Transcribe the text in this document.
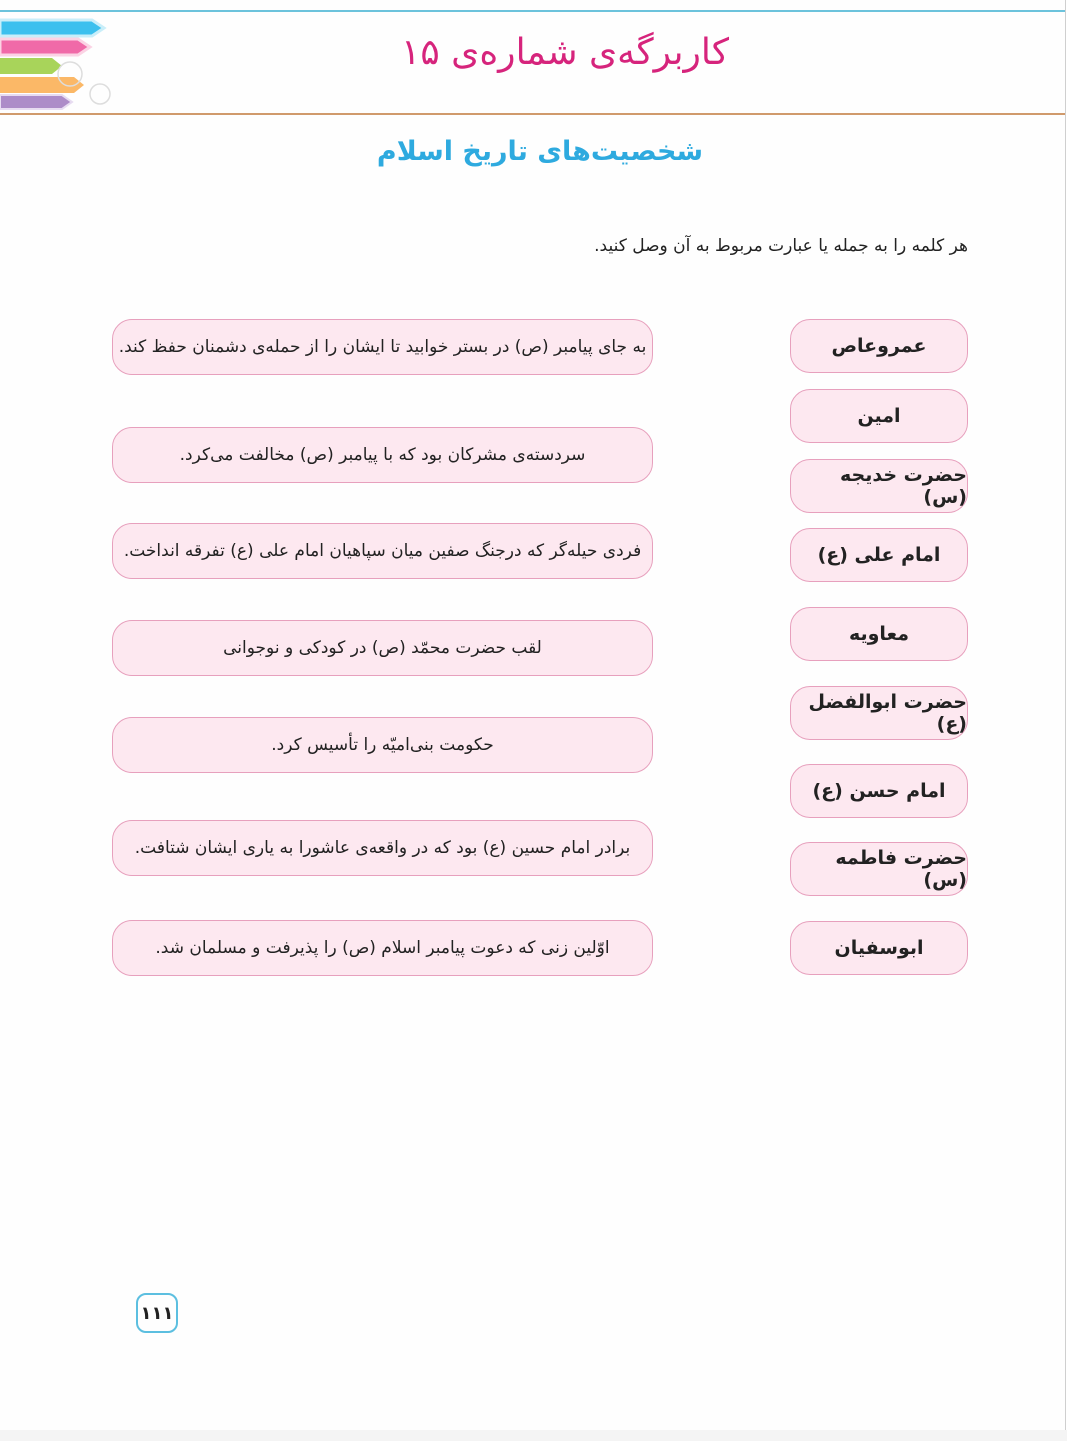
کاربرگه‌ی شماره‌ی ۱۵
شخصیت‌های تاریخ اسلام
هر کلمه را به جمله یا عبارت مربوط به آن وصل کنید.
به جای پیامبر (ص) در بستر خوابید تا ایشان را از حمله‌ی دشمنان حفظ کند.
سردسته‌ی مشرکان بود که با پیامبر (ص) مخالفت می‌کرد.
فردی حیله‌گر که درجنگ صفین میان سپاهیان امام علی (ع) تفرقه انداخت.
لقب حضرت محمّد (ص) در کودکی و نوجوانی
حکومت بنی‌امیّه را تأسیس کرد.
برادر امام حسین (ع) بود که در واقعه‌ی عاشورا به یاری ایشان شتافت.
اوّلین زنی که دعوت پیامبر اسلام (ص) را پذیرفت و مسلمان شد.
عمروعاص
امین
حضرت خدیجه (س)
امام علی (ع)
معاویه
حضرت ابوالفضل (ع)
امام حسن (ع)
حضرت فاطمه (س)
ابوسفیان
۱۱۱
